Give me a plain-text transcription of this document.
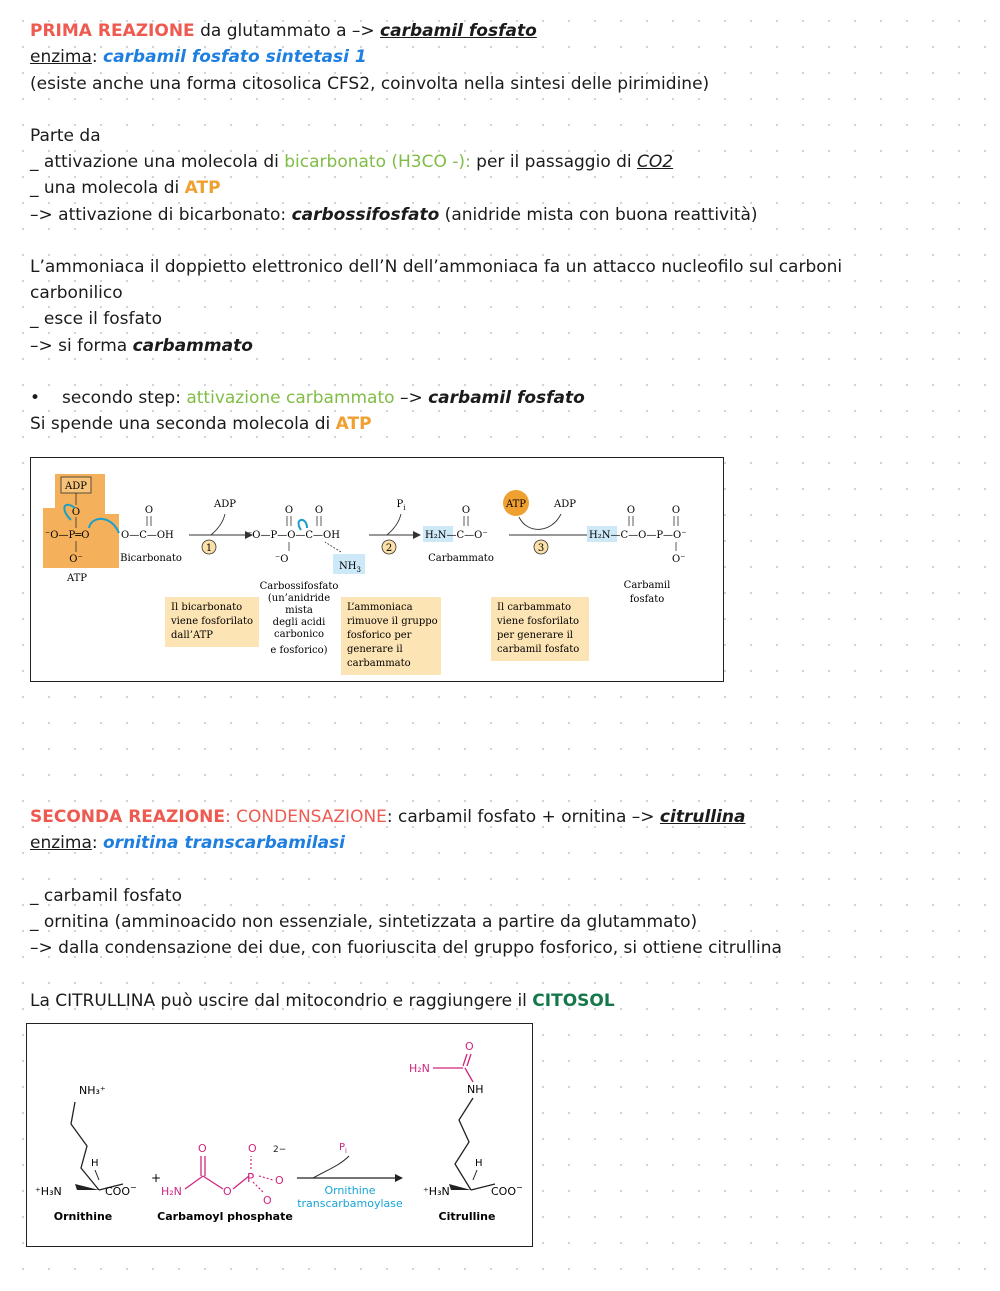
PRIMA REAZIONE da glutammato a –> carbamil fosfato
enzima: carbamil fosfato sintetasi 1
(esiste anche una forma citosolica CFS2, coinvolta nella sintesi delle pirimidine)
Parte da
_ attivazione una molecola di bicarbonato (H3CO -): per il passaggio di CO2
_ una molecola di ATP
–> attivazione di bicarbonato: carbossifosfato (anidride mista con buona reattività)
L’ammoniaca il doppietto elettronico dell’N dell’ammoniaca fa un attacco nucleofilo sul carboni
carbonilico
_ esce il fosfato
–> si forma carbammato
• secondo step: attivazione carbammato –> carbamil fosfato
Si spende una seconda molecola di ATP
ADP
O
⁻O—P═O
O⁻
ATP
O
O—C—OH
Bicarbonato
ADP
1
O O
⁻O—P—O—C—OH
⁻O
$NH_3$
Carbossifosfato
(un’anidride
mista
degli acidi
carbonico
e fosforico)
$P_i$
2
O
H₂N—C—O⁻
Carbammato
ATP	ADP
3
O	O
H₂N—C—O—P—O⁻
O⁻
Carbamil
fosfato
Il bicarbonato
viene fosforilato
dall’ATP
L’ammoniaca
rimuove il gruppo
fosforico per
generare il
carbammato
Il carbammato
viene fosforilato
per generare il
carbamil fosfato
SECONDA REAZIONE: CONDENSAZIONE: carbamil fosfato + ornitina –> citrullina
enzima: ornitina transcarbamilasi
_ carbamil fosfato
_ ornitina (amminoacido non essenziale, sintetizzata a partire da glutammato)
–> dalla condensazione dei due, con fuoriuscita del gruppo fosforico, si ottiene citrullina
La CITRULLINA può uscire dal mitocondrio e raggiungere il CITOSOL
NH₃⁺
H
⁺H₃N	COO−
Ornithine
+
H₂N
O
O
P
O
O
O
2−
Carbamoyl phosphate
$P_i$
Ornithine
transcarbamoylase
O
H₂N
NH
H
⁺H₃N	COO−
Citrulline
